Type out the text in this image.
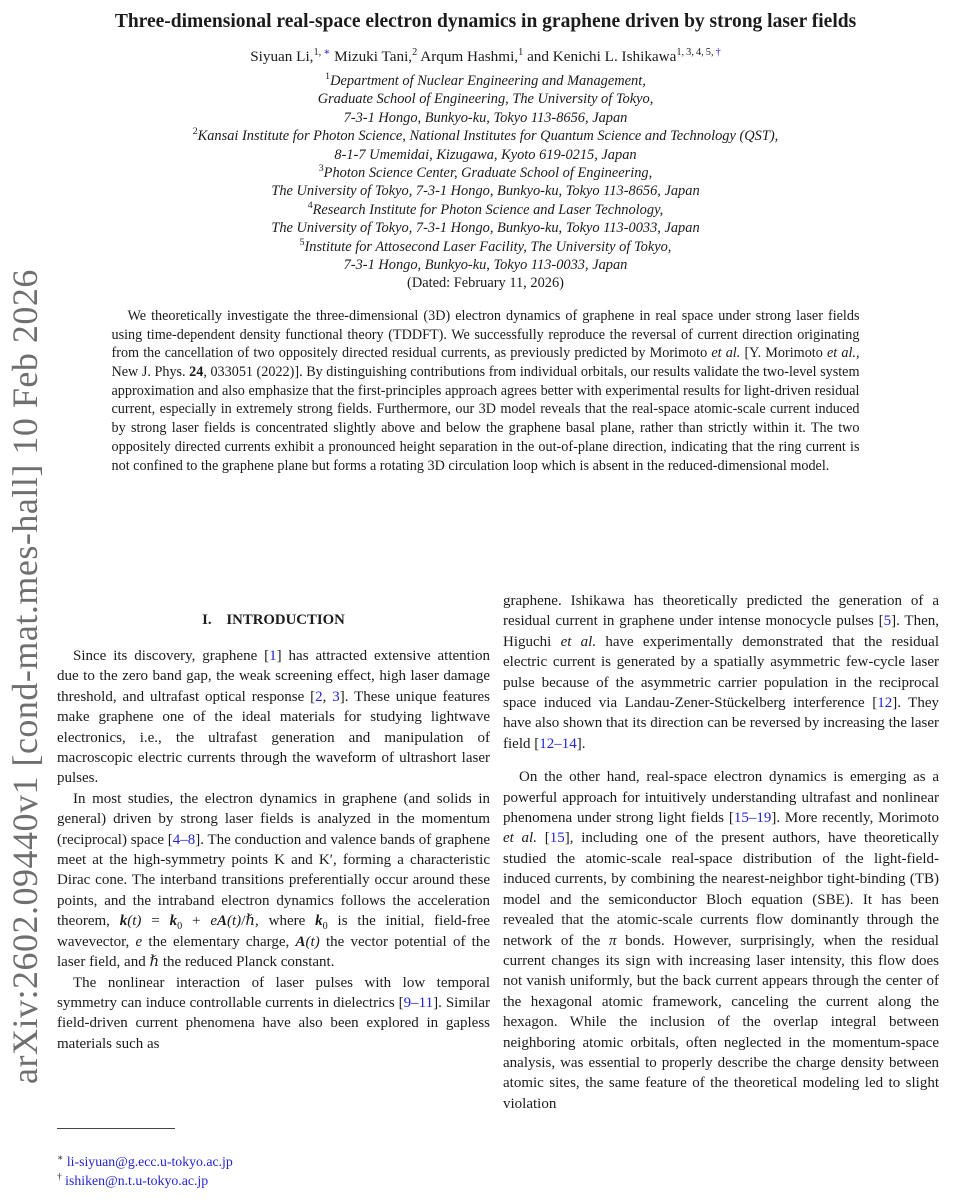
arXiv:2602.09440v1 [cond-mat.mes-hall] 10 Feb 2026
Three-dimensional real-space electron dynamics in graphene driven by strong laser fields
Siyuan Li,$^{1,}$ ∗ Mizuki Tani,$^2$ Arqum Hashmi,$^1$ and Kenichi L. Ishikawa$^{1, 3, 4, 5,}$ †
$^1$Department of Nuclear Engineering and Management,
Graduate School of Engineering, The University of Tokyo,
7-3-1 Hongo, Bunkyo-ku, Tokyo 113-8656, Japan
$^2$Kansai Institute for Photon Science, National Institutes for Quantum Science and Technology (QST),
8-1-7 Umemidai, Kizugawa, Kyoto 619-0215, Japan
$^3$Photon Science Center, Graduate School of Engineering,
The University of Tokyo, 7-3-1 Hongo, Bunkyo-ku, Tokyo 113-8656, Japan
$^4$Research Institute for Photon Science and Laser Technology,
The University of Tokyo, 7-3-1 Hongo, Bunkyo-ku, Tokyo 113-0033, Japan
$^5$Institute for Attosecond Laser Facility, The University of Tokyo,
7-3-1 Hongo, Bunkyo-ku, Tokyo 113-0033, Japan
(Dated: February 11, 2026)
We theoretically investigate the three-dimensional (3D) electron dynamics of graphene in real space under strong laser fields using time-dependent density functional theory (TDDFT). We successfully reproduce the reversal of current direction originating from the cancellation of two oppositely directed residual currents, as previously predicted by Morimoto et al. [Y. Morimoto et al., New J. Phys. 24, 033051 (2022)]. By distinguishing contributions from individual orbitals, our results validate the two-level system approximation and also emphasize that the first-principles approach agrees better with experimental results for light-driven residual current, especially in extremely strong fields. Furthermore, our 3D model reveals that the real-space atomic-scale current induced by strong laser fields is concentrated slightly above and below the graphene basal plane, rather than strictly within it. The two oppositely directed currents exhibit a pronounced height separation in the out-of-plane direction, indicating that the ring current is not confined to the graphene plane but forms a rotating 3D circulation loop which is absent in the reduced-dimensional model.
I.  INTRODUCTION

Since its discovery, graphene [1] has attracted extensive attention due to the zero band gap, the weak screening effect, high laser damage threshold, and ultrafast optical response [2, 3]. These unique features make graphene one of the ideal materials for studying lightwave electronics, i.e., the ultrafast generation and manipulation of macroscopic electric currents through the waveform of ultrashort laser pulses.

In most studies, the electron dynamics in graphene (and solids in general) driven by strong laser fields is analyzed in the momentum (reciprocal) space [4–8]. The conduction and valence bands of graphene meet at the high-symmetry points K and K′, forming a characteristic Dirac cone. The interband transitions preferentially occur around these points, and the intraband electron dynamics follows the acceleration theorem, $k(t) = k_0$ + eA(t)/ℏ, where $k_0$ is the initial, field-free wavevector, e the elementary charge, A(t) the vector potential of the laser field, and ℏ the reduced Planck constant.

The nonlinear interaction of laser pulses with low temporal symmetry can induce controllable currents in dielectrics [9–11]. Similar field-driven current phenomena have also been explored in gapless materials such as

graphene. Ishikawa has theoretically predicted the generation of a residual current in graphene under intense monocycle pulses [5]. Then, Higuchi et al. have experimentally demonstrated that the residual electric current is generated by a spatially asymmetric few-cycle laser pulse because of the asymmetric carrier population in the reciprocal space induced via Landau-Zener-Stückelberg interference [12]. They have also shown that its direction can be reversed by increasing the laser field [12–14].

On the other hand, real-space electron dynamics is emerging as a powerful approach for intuitively understanding ultrafast and nonlinear phenomena under strong light fields [15–19]. More recently, Morimoto et al. [15], including one of the present authors, have theoretically studied the atomic-scale real-space distribution of the light-field-induced currents, by combining the nearest-neighbor tight-binding (TB) model and the semiconductor Bloch equation (SBE). It has been revealed that the atomic-scale currents flow dominantly through the network of the π bonds. However, surprisingly, when the residual current changes its sign with increasing laser intensity, this flow does not vanish uniformly, but the back current appears through the center of the hexagonal atomic framework, canceling the current along the hexagon. While the inclusion of the overlap integral between neighboring atomic orbitals, often neglected in the momentum-space analysis, was essential to properly describe the charge density between atomic sites, the same feature of the theoretical modeling led to slight violation

∗ li-siyuan@g.ecc.u-tokyo.ac.jp

† ishiken@n.t.u-tokyo.ac.jp
